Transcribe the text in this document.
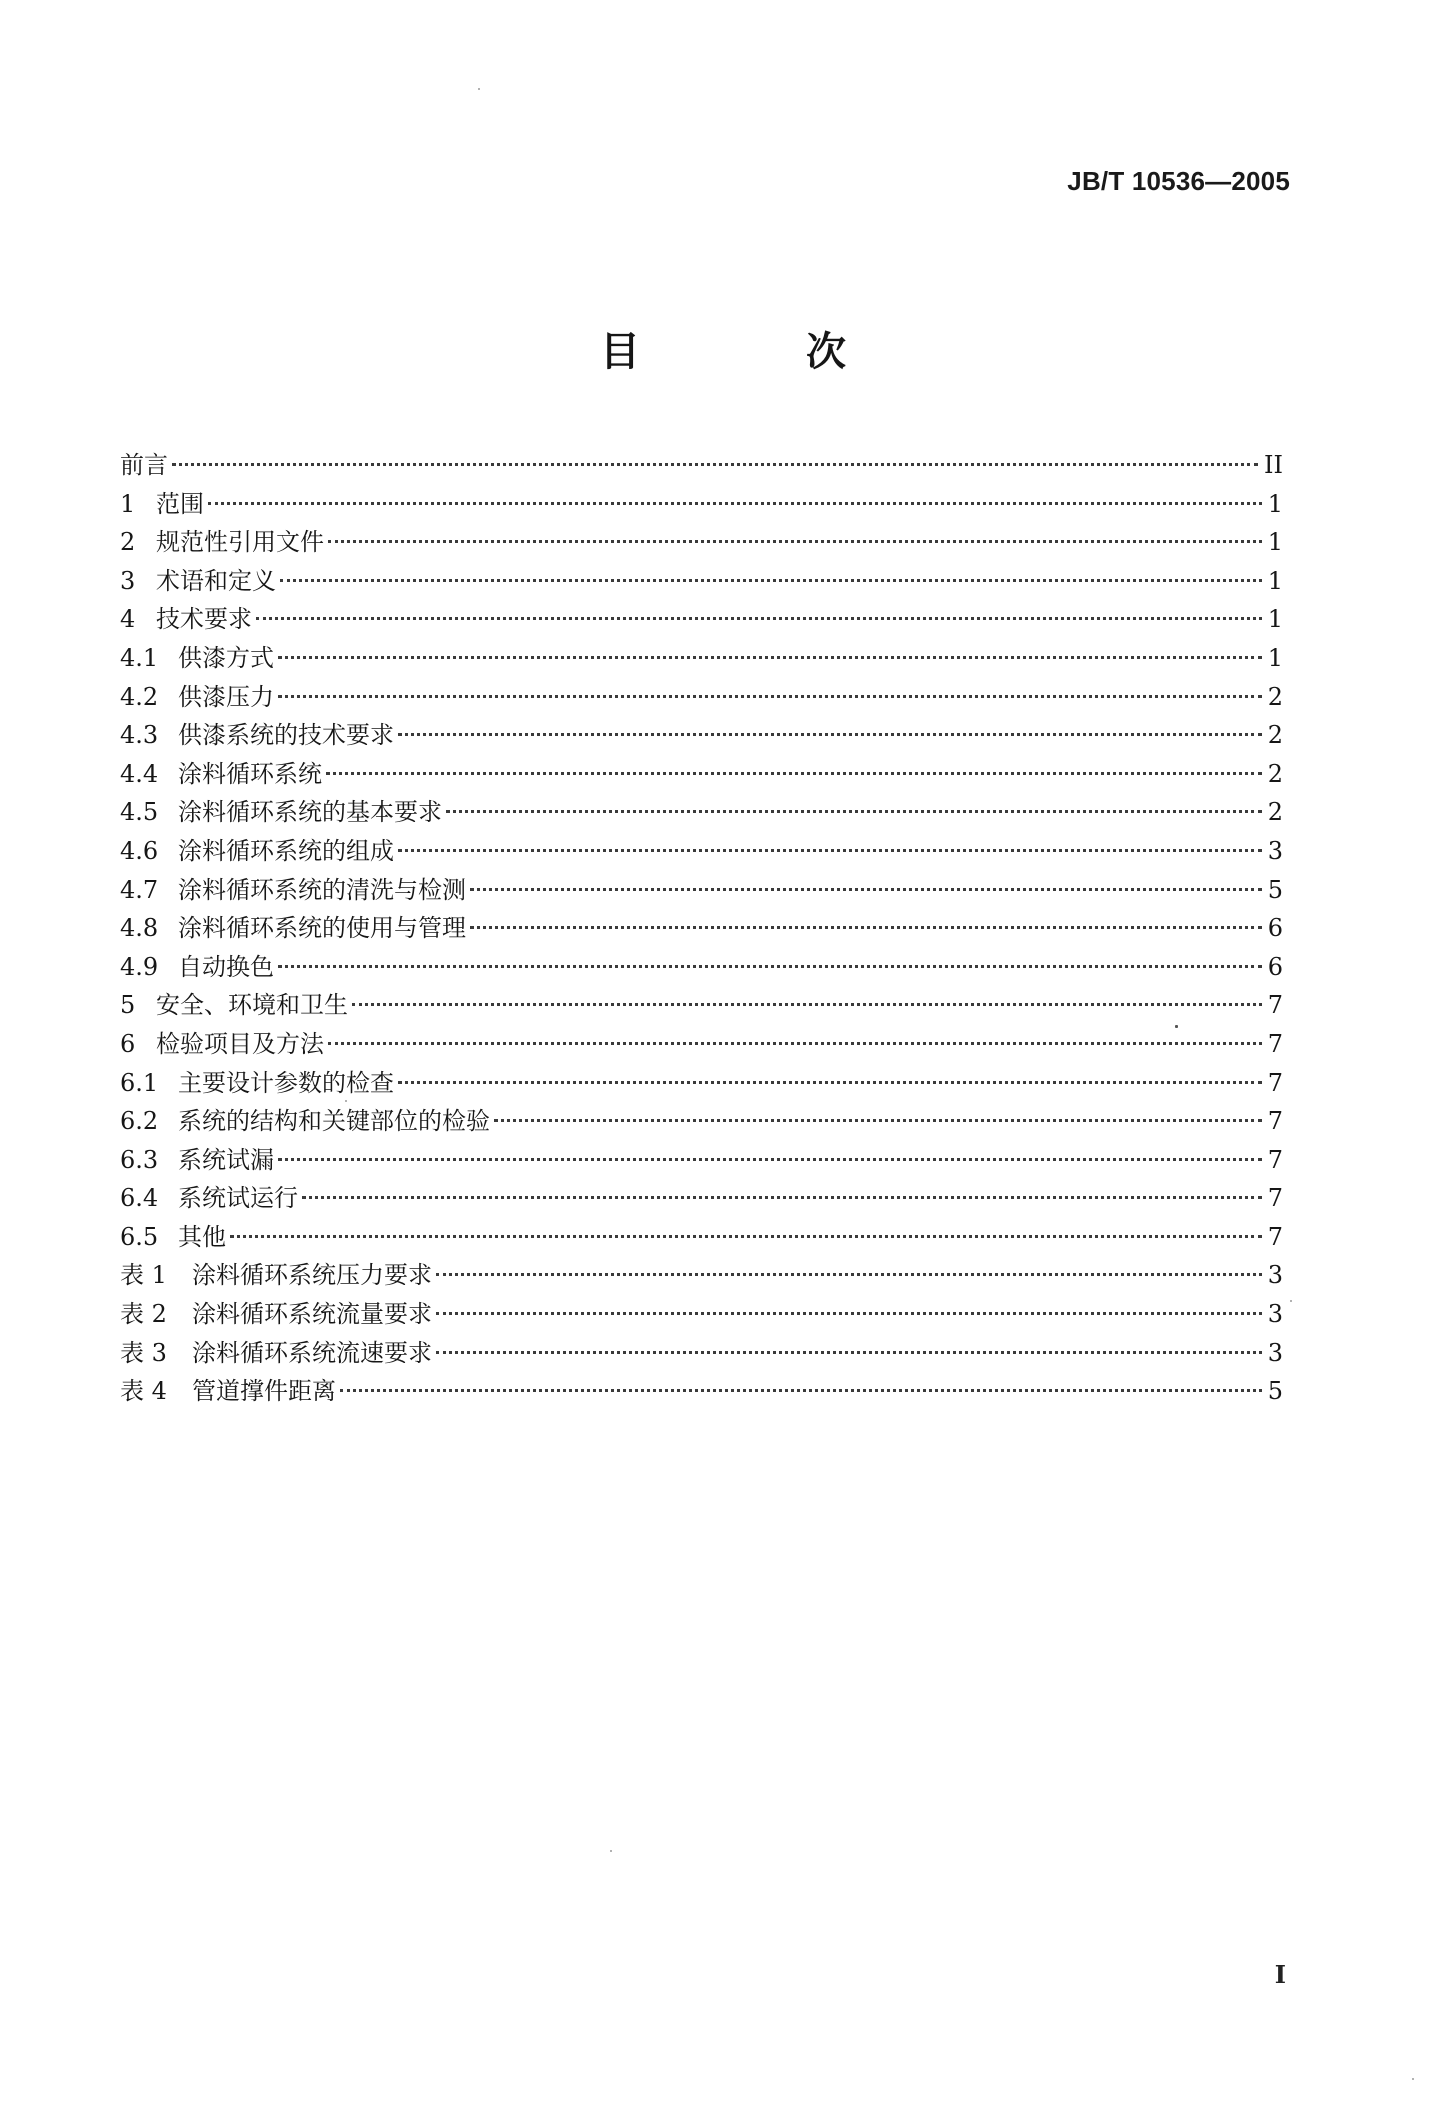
JB/T 10536—2005
目 次
前言	II
1 范围	1
2 规范性引用文件	1
3 术语和定义	1
4 技术要求	1
4.1 供漆方式	1
4.2 供漆压力	2
4.3 供漆系统的技术要求	2
4.4 涂料循环系统	2
4.5 涂料循环系统的基本要求	2
4.6 涂料循环系统的组成	3
4.7 涂料循环系统的清洗与检测	5
4.8 涂料循环系统的使用与管理	6
4.9 自动换色	6
5 安全、环境和卫生	7
6 检验项目及方法	7
6.1 主要设计参数的检查	7
6.2 系统的结构和关键部位的检验	7
6.3 系统试漏	7
6.4 系统试运行	7
6.5 其他	7
表 1	涂料循环系统压力要求	3
表 2	涂料循环系统流量要求	3
表 3	涂料循环系统流速要求	3
表 4	管道撑件距离	5
I
